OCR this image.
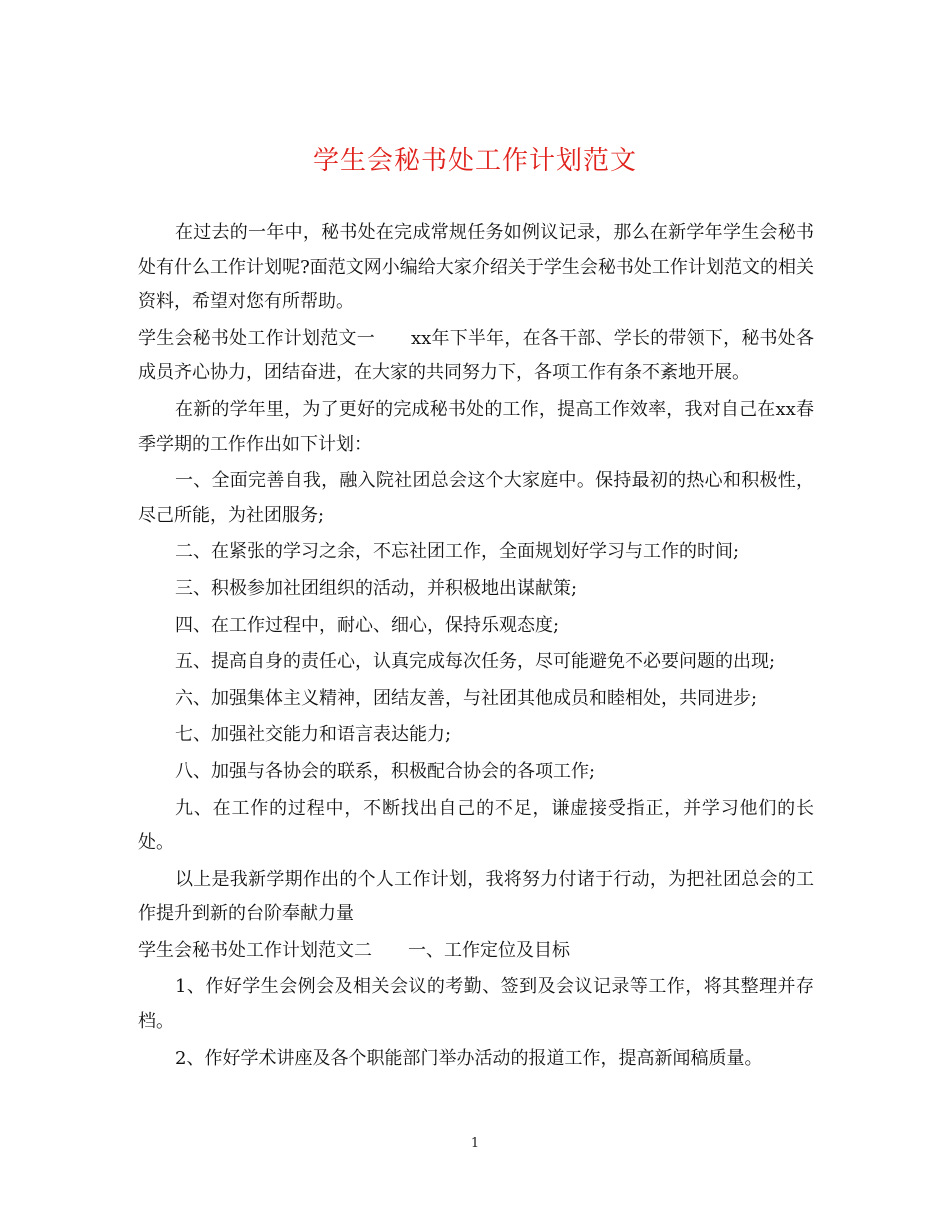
学生会秘书处工作计划范文

在过去的一年中，秘书处在完成常规任务如例议记录，那么在新学年学生会秘书处有什么工作计划呢?面范文网小编给大家介绍关于学生会秘书处工作计划范文的相关资料，希望对您有所帮助。

学生会秘书处工作计划范文一 xx年下半年，在各干部、学长的带领下，秘书处各成员齐心协力，团结奋进，在大家的共同努力下，各项工作有条不紊地开展。

在新的学年里，为了更好的完成秘书处的工作，提高工作效率，我对自己在xx春季学期的工作作出如下计划：

一、全面完善自我，融入院社团总会这个大家庭中。保持最初的热心和积极性，尽己所能，为社团服务;

二、在紧张的学习之余，不忘社团工作，全面规划好学习与工作的时间;

三、积极参加社团组织的活动，并积极地出谋献策;

四、在工作过程中，耐心、细心，保持乐观态度;

五、提高自身的责任心，认真完成每次任务，尽可能避免不必要问题的出现;

六、加强集体主义精神，团结友善，与社团其他成员和睦相处，共同进步;

七、加强社交能力和语言表达能力;

八、加强与各协会的联系，积极配合协会的各项工作;

九、在工作的过程中，不断找出自己的不足，谦虚接受指正，并学习他们的长处。

以上是我新学期作出的个人工作计划，我将努力付诸于行动，为把社团总会的工作提升到新的台阶奉献力量

学生会秘书处工作计划范文二 一、工作定位及目标

1、作好学生会例会及相关会议的考勤、签到及会议记录等工作，将其整理并存档。

2、作好学术讲座及各个职能部门举办活动的报道工作，提高新闻稿质量。

1
